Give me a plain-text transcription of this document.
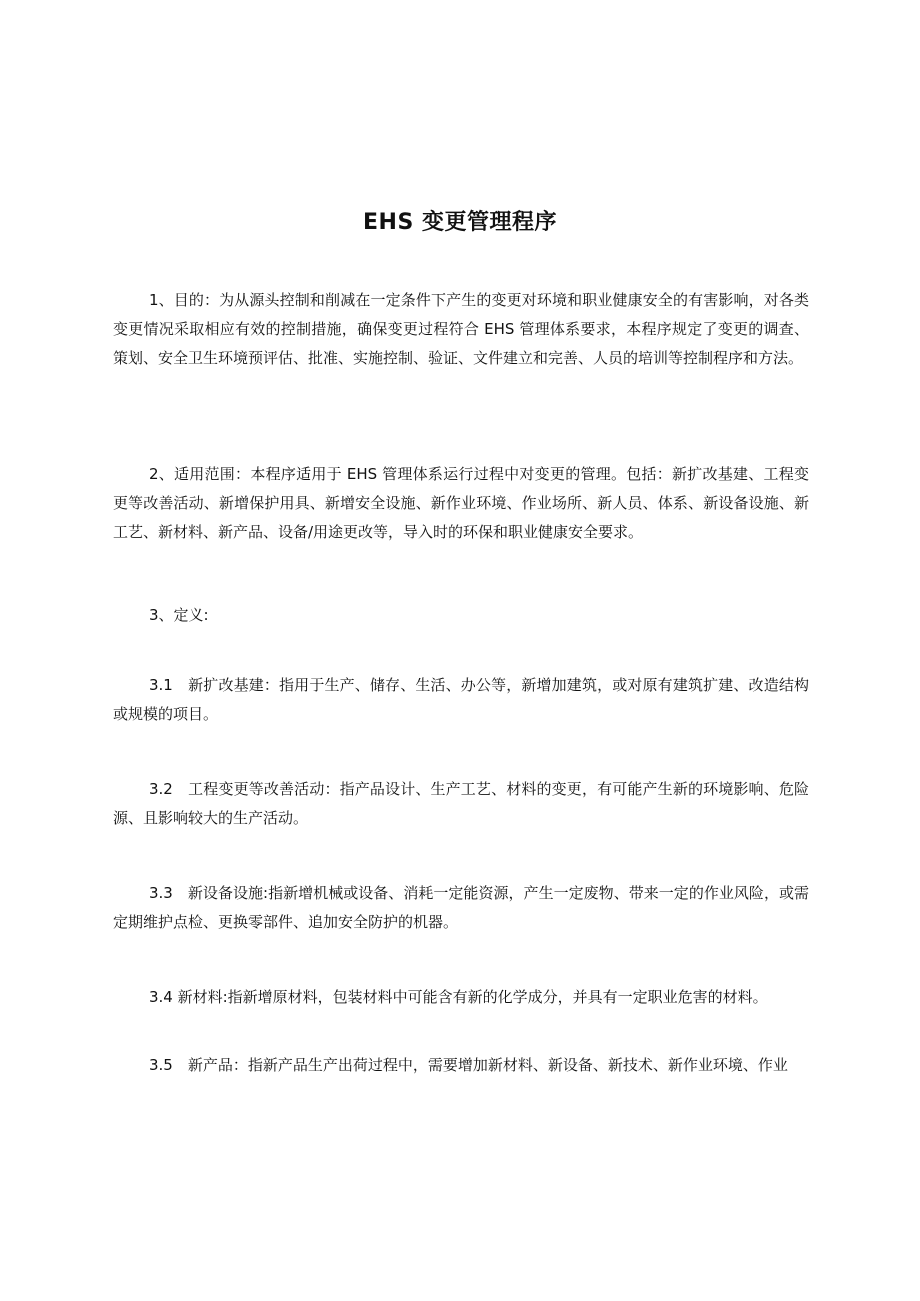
EHS 变更管理程序

1、目的：为从源头控制和削减在一定条件下产生的变更对环境和职业健康安全的有害影响，对各类变更情况采取相应有效的控制措施，确保变更过程符合 EHS 管理体系要求，本程序规定了变更的调查、策划、安全卫生环境预评估、批准、实施控制、验证、文件建立和完善、人员的培训等控制程序和方法。

2、适用范围：本程序适用于 EHS 管理体系运行过程中对变更的管理。包括：新扩改基建、工程变更等改善活动、新增保护用具、新增安全设施、新作业环境、作业场所、新人员、体系、新设备设施、新工艺、新材料、新产品、设备/用途更改等，导入时的环保和职业健康安全要求。

3、定义:

3.1　新扩改基建：指用于生产、储存、生活、办公等，新增加建筑，或对原有建筑扩建、改造结构或规模的项目。

3.2　工程变更等改善活动：指产品设计、生产工艺、材料的变更，有可能产生新的环境影响、危险源、且影响较大的生产活动。

3.3　新设备设施:指新增机械或设备、消耗一定能资源，产生一定废物、带来一定的作业风险，或需定期维护点检、更换零部件、追加安全防护的机器。

3.4 新材料:指新增原材料，包装材料中可能含有新的化学成分，并具有一定职业危害的材料。

3.5　新产品：指新产品生产出荷过程中，需要增加新材料、新设备、新技术、新作业环境、作业
